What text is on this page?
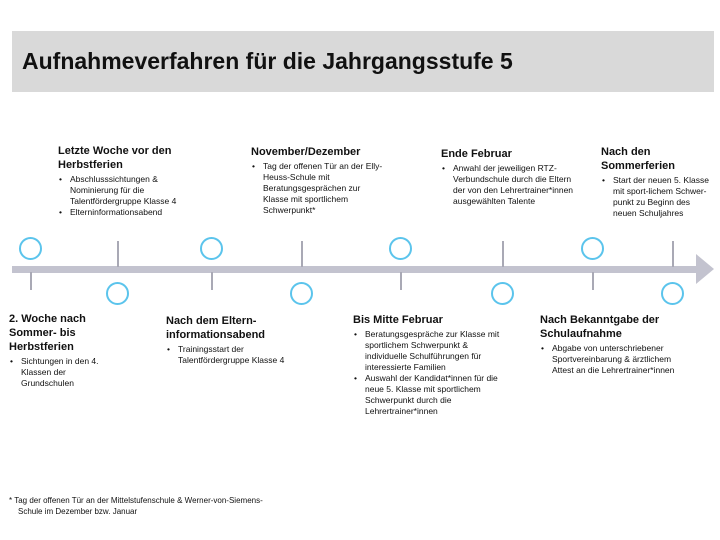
Aufnahmeverfahren für die Jahrgangsstufe 5
Letzte Woche vor den Herbstferien
• Abschlusssichtungen & Nominierung für die Talentfördergruppe Klasse 4
• Elterninformationsabend
November/Dezember
• Tag der offenen Tür an der Elly-Heuss-Schule mit Beratungsgesprächen zur Klasse mit sportlichem Schwerpunkt*
Ende Februar
• Anwahl der jeweiligen RTZ-Verbundschule durch die Eltern der von den Lehrertrainer*innen ausgewählten Talente
Nach den Sommerferien
• Start der neuen 5. Klasse mit sport-lichem Schwer-punkt zu Beginn des neuen Schuljahres
2. Woche nach Sommer- bis Herbstferien
• Sichtungen in den 4. Klassen der Grundschulen
Nach dem Eltern-informationsabend
• Trainingsstart der Talentfördergruppe Klasse 4
Bis Mitte Februar
• Beratungsgespräche zur Klasse mit sportlichem Schwerpunkt & individuelle Schulführungen für interessierte Familien
• Auswahl der Kandidat*innen für die neue 5. Klasse mit sportlichem Schwerpunkt durch die Lehrertrainer*innen
Nach Bekanntgabe der Schulaufnahme
• Abgabe von unterschriebener Sportvereinbarung & ärztlichem Attest an die Lehrertrainer*innen
* Tag der offenen Tür an der Mittelstufenschule & Werner-von-Siemens-Schule im Dezember bzw. Januar
